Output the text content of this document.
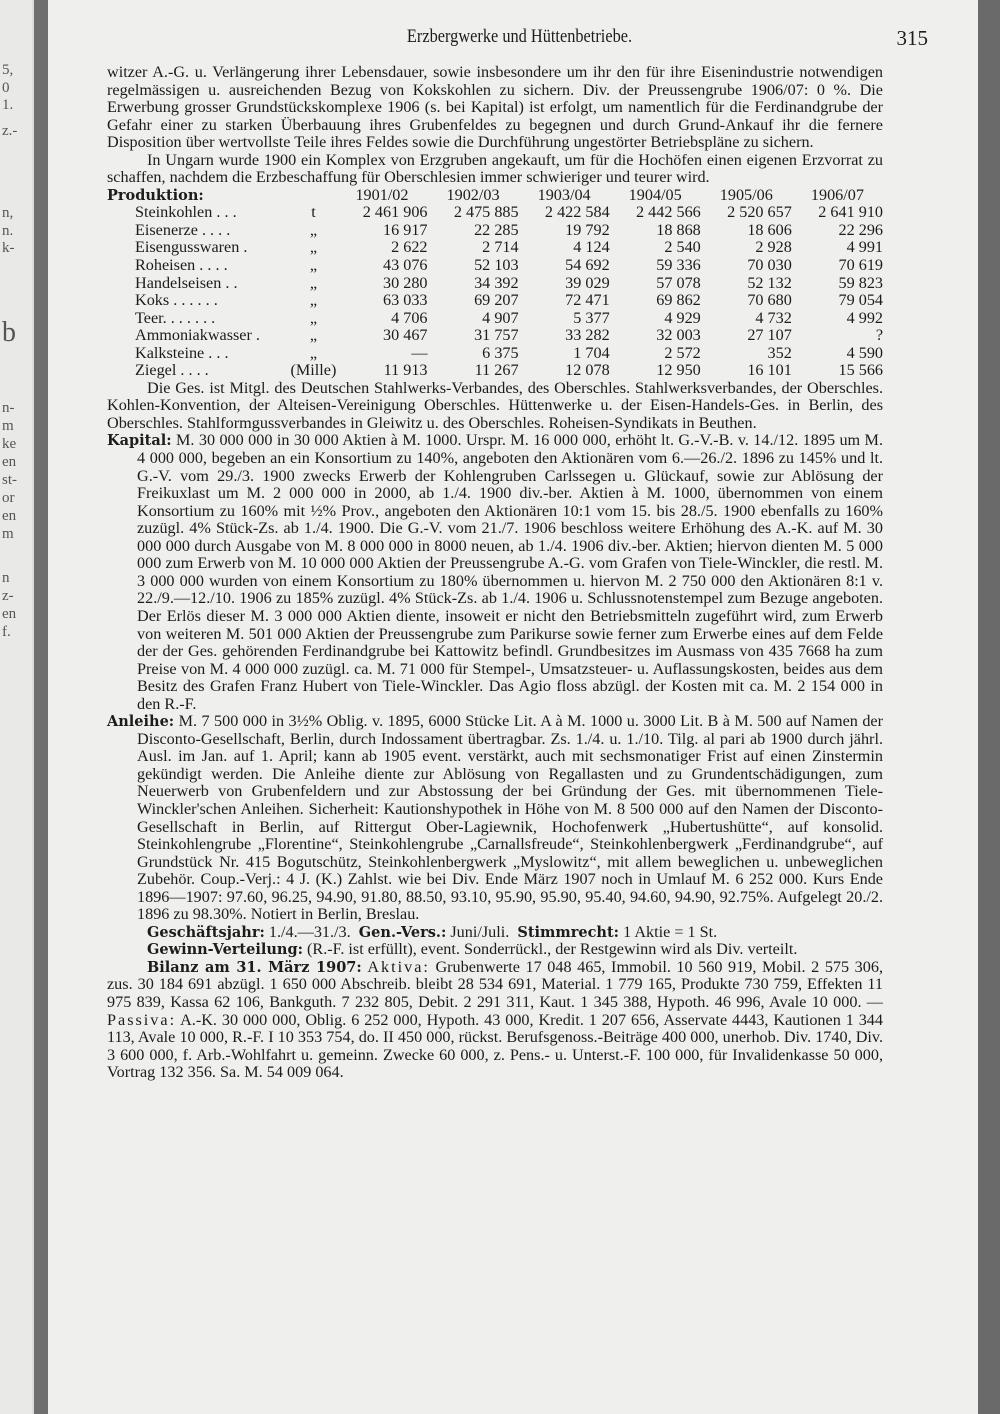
5,
0
1.
z.-
n,
n.
k-
b
n-
m
ke
en
st-
or
en
m
n
z-
en
f.
Erzbergwerke und Hüttenbetriebe.	315

witzer A.-G. u. Verlängerung ihrer Lebensdauer, sowie insbesondere um ihr den für ihre Eisenindustrie notwendigen regelmässigen u. ausreichenden Bezug von Kokskohlen zu sichern. Div. der Preussengrube 1906/07: 0 %. Die Erwerbung grosser Grundstückskomplexe 1906 (s. bei Kapital) ist erfolgt, um namentlich für die Ferdinandgrube der Gefahr einer zu starken Überbauung ihres Grubenfeldes zu begegnen und durch Grund-Ankauf ihr die fernere Disposition über wertvollste Teile ihres Feldes sowie die Durchführung ungestörter Betriebspläne zu sichern.

In Ungarn wurde 1900 ein Komplex von Erzgruben angekauft, um für die Hochöfen einen eigenen Erzvorrat zu schaffen, nachdem die Erzbeschaffung für Oberschlesien immer schwieriger und teurer wird.

Produktion:		1901/02	1902/03	1903/04	1904/05	1905/06	1906/07
Steinkohlen . . .	t	2 461 906	2 475 885	2 422 584	2 442 566	2 520 657	2 641 910
Eisenerze . . . .	„	16 917	22 285	19 792	18 868	18 606	22 296
Eisengusswaren .	„	2 622	2 714	4 124	2 540	2 928	4 991
Roheisen . . . .	„	43 076	52 103	54 692	59 336	70 030	70 619
Handelseisen . .	„	30 280	34 392	39 029	57 078	52 132	59 823
Koks . . . . . .	„	63 033	69 207	72 471	69 862	70 680	79 054
Teer. . . . . . .	„	4 706	4 907	5 377	4 929	4 732	4 992
Ammoniakwasser .	„	30 467	31 757	33 282	32 003	27 107	?
Kalksteine . . .	„	—	6 375	1 704	2 572	352	4 590
Ziegel . . . .	(Mille)	11 913	11 267	12 078	12 950	16 101	15 566

Die Ges. ist Mitgl. des Deutschen Stahlwerks-Verbandes, des Oberschles. Stahlwerksverbandes, der Oberschles. Kohlen-Konvention, der Alteisen-Vereinigung Oberschles. Hüttenwerke u. der Eisen-Handels-Ges. in Berlin, des Oberschles. Stahlformgussverbandes in Gleiwitz u. des Oberschles. Roheisen-Syndikats in Beuthen.

Kapital: M. 30 000 000 in 30 000 Aktien à M. 1000. Urspr. M. 16 000 000, erhöht lt. G.-V.-B. v. 14./12. 1895 um M. 4 000 000, begeben an ein Konsortium zu 140%, angeboten den Aktionären vom 6.—26./2. 1896 zu 145% und lt. G.-V. vom 29./3. 1900 zwecks Erwerb der Kohlengruben Carlssegen u. Glückauf, sowie zur Ablösung der Freikuxlast um M. 2 000 000 in 2000, ab 1./4. 1900 div.-ber. Aktien à M. 1000, übernommen von einem Konsortium zu 160% mit ½% Prov., angeboten den Aktionären 10:1 vom 15. bis 28./5. 1900 ebenfalls zu 160% zuzügl. 4% Stück-Zs. ab 1./4. 1900. Die G.-V. vom 21./7. 1906 beschloss weitere Erhöhung des A.-K. auf M. 30 000 000 durch Ausgabe von M. 8 000 000 in 8000 neuen, ab 1./4. 1906 div.-ber. Aktien; hiervon dienten M. 5 000 000 zum Erwerb von M. 10 000 000 Aktien der Preussengrube A.-G. vom Grafen von Tiele-Winckler, die restl. M. 3 000 000 wurden von einem Konsortium zu 180% übernommen u. hiervon M. 2 750 000 den Aktionären 8:1 v. 22./9.—12./10. 1906 zu 185% zuzügl. 4% Stück-Zs. ab 1./4. 1906 u. Schlussnotenstempel zum Bezuge angeboten. Der Erlös dieser M. 3 000 000 Aktien diente, insoweit er nicht den Betriebsmitteln zugeführt wird, zum Erwerb von weiteren M. 501 000 Aktien der Preussengrube zum Parikurse sowie ferner zum Erwerbe eines auf dem Felde der der Ges. gehörenden Ferdinandgrube bei Kattowitz befindl. Grundbesitzes im Ausmass von 435 7668 ha zum Preise von M. 4 000 000 zuzügl. ca. M. 71 000 für Stempel-, Umsatzsteuer- u. Auflassungskosten, beides aus dem Besitz des Grafen Franz Hubert von Tiele-Winckler. Das Agio floss abzügl. der Kosten mit ca. M. 2 154 000 in den R.-F.

Anleihe: M. 7 500 000 in 3½% Oblig. v. 1895, 6000 Stücke Lit. A à M. 1000 u. 3000 Lit. B à M. 500 auf Namen der Disconto-Gesellschaft, Berlin, durch Indossament übertragbar. Zs. 1./4. u. 1./10. Tilg. al pari ab 1900 durch jährl. Ausl. im Jan. auf 1. April; kann ab 1905 event. verstärkt, auch mit sechsmonatiger Frist auf einen Zinstermin gekündigt werden. Die Anleihe diente zur Ablösung von Regallasten und zu Grundentschädigungen, zum Neuerwerb von Grubenfeldern und zur Abstossung der bei Gründung der Ges. mit übernommenen Tiele-Winckler'schen Anleihen. Sicherheit: Kautionshypothek in Höhe von M. 8 500 000 auf den Namen der Disconto-Gesellschaft in Berlin, auf Rittergut Ober-Lagiewnik, Hochofenwerk „Hubertushütte“, auf konsolid. Steinkohlengrube „Florentine“, Steinkohlengrube „Carnallsfreude“, Steinkohlenbergwerk „Ferdinandgrube“, auf Grundstück Nr. 415 Bogutschütz, Steinkohlenbergwerk „Myslowitz“, mit allem beweglichen u. unbeweglichen Zubehör. Coup.-Verj.: 4 J. (K.) Zahlst. wie bei Div. Ende März 1907 noch in Umlauf M. 6 252 000. Kurs Ende 1896—1907: 97.60, 96.25, 94.90, 91.80, 88.50, 93.10, 95.90, 95.90, 95.40, 94.60, 94.90, 92.75%. Aufgelegt 20./2. 1896 zu 98.30%. Notiert in Berlin, Breslau.

Geschäftsjahr: 1./4.—31./3. Gen.-Vers.: Juni/Juli. Stimmrecht: 1 Aktie = 1 St.

Gewinn-Verteilung: (R.-F. ist erfüllt), event. Sonderrückl., der Restgewinn wird als Div. verteilt.

Bilanz am 31. März 1907: Aktiva: Grubenwerte 17 048 465, Immobil. 10 560 919, Mobil. 2 575 306, zus. 30 184 691 abzügl. 1 650 000 Abschreib. bleibt 28 534 691, Material. 1 779 165, Produkte 730 759, Effekten 11 975 839, Kassa 62 106, Bankguth. 7 232 805, Debit. 2 291 311, Kaut. 1 345 388, Hypoth. 46 996, Avale 10 000. — Passiva: A.-K. 30 000 000, Oblig. 6 252 000, Hypoth. 43 000, Kredit. 1 207 656, Asservate 4443, Kautionen 1 344 113, Avale 10 000, R.-F. I 10 353 754, do. II 450 000, rückst. Berufsgenoss.-Beiträge 400 000, unerhob. Div. 1740, Div. 3 600 000, f. Arb.-Wohlfahrt u. gemeinn. Zwecke 60 000, z. Pens.- u. Unterst.-F. 100 000, für Invalidenkasse 50 000, Vortrag 132 356. Sa. M. 54 009 064.
